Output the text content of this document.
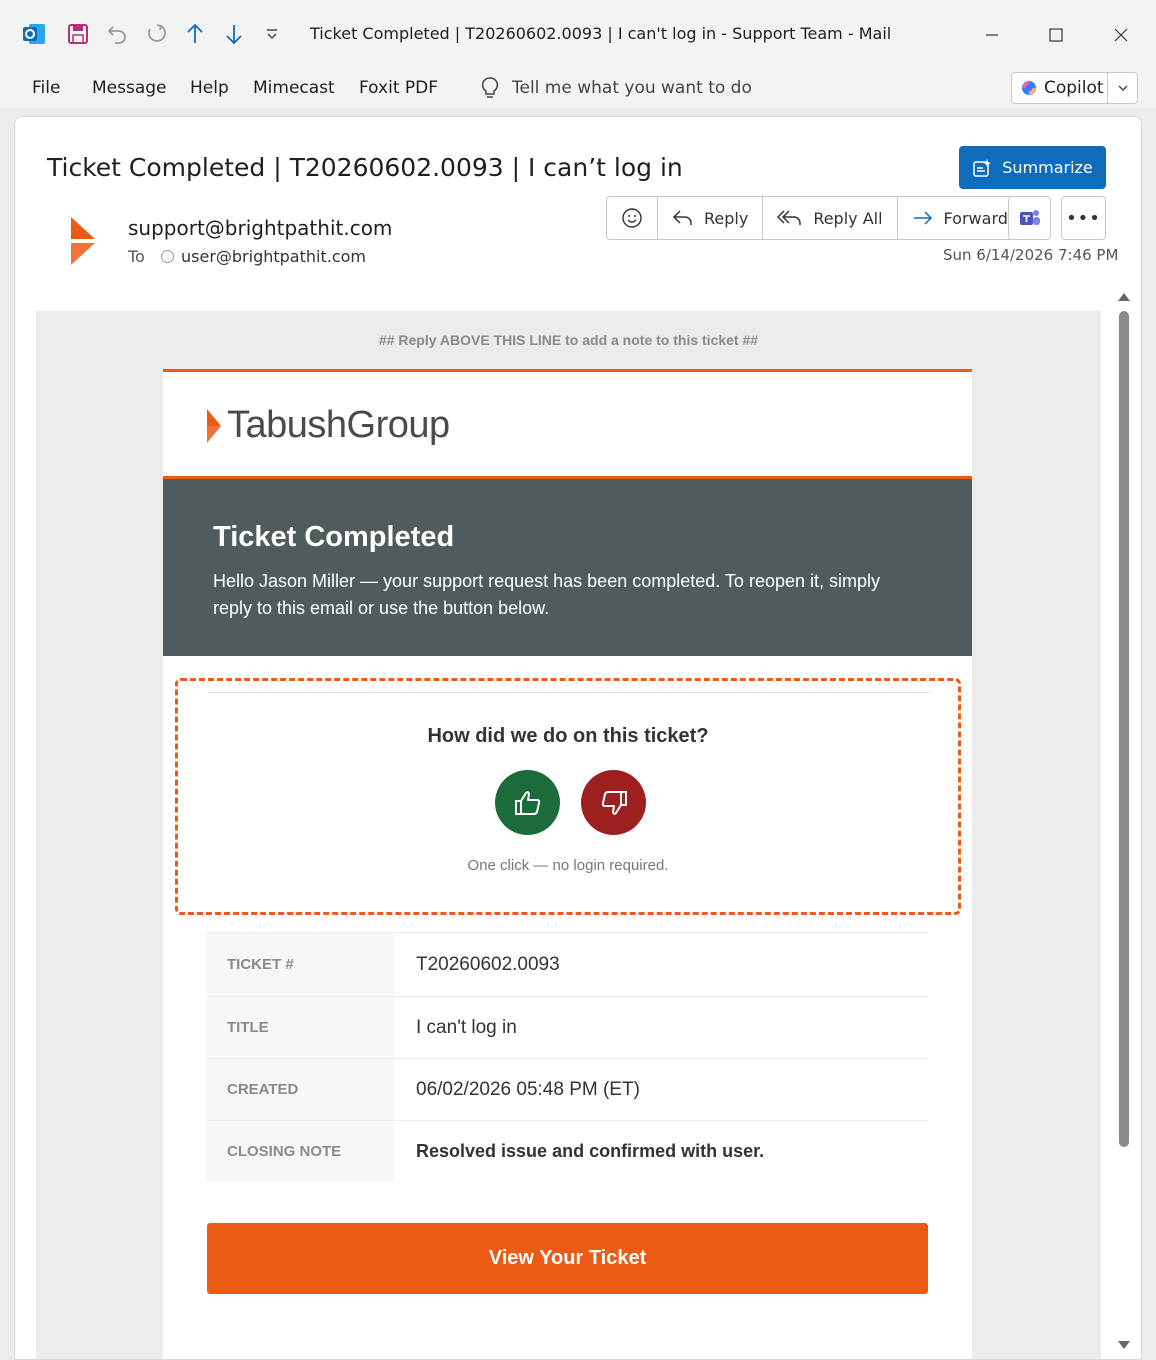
Ticket Completed | T20260602.0093 | I can't log in - Support Team - Mail
File Message Help Mimecast Foxit PDF	Tell me what you want to do	Copilot
Ticket Completed | T20260602.0093 | I can’t log in	Summarize
support@brightpathit.com
To user@brightpathit.com
Reply	Reply All	Forward	•••
Sun 6/14/2026 7:46 PM
## Reply ABOVE THIS LINE to add a note to this ticket ##
TabushGroup
Ticket Completed
Hello Jason Miller — your support request has been completed. To reopen it, simply reply to this email or use the button below.
How did we do on this ticket?
One click — no login required.
TICKET #	T20260602.0093
TITLE	I can't log in
CREATED	06/02/2026 05:48 PM (ET)
CLOSING NOTE	Resolved issue and confirmed with user.
View Your Ticket
